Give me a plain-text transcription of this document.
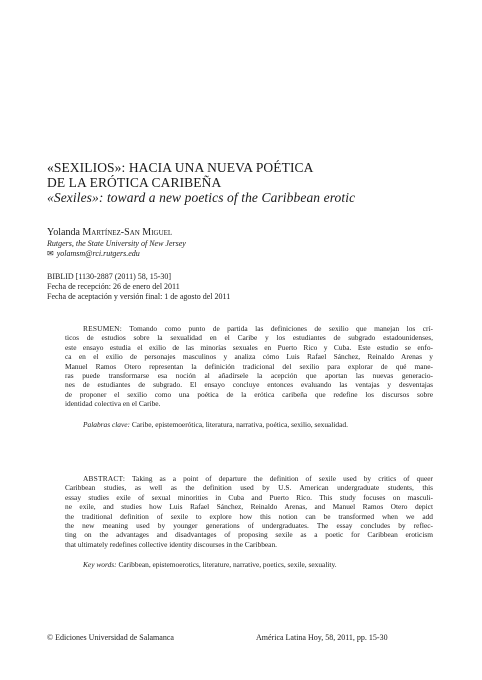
«SEXILIOS»: HACIA UNA NUEVA POÉTICA
DE LA ERÓTICA CARIBEÑA
«Sexiles»: toward a new poetics of the Caribbean erotic
Yolanda Martínez-San Miguel
Rutgers, the State University of New Jersey
✉ yolamsm@rci.rutgers.edu
BIBLID [1130-2887 (2011) 58, 15-30]
Fecha de recepción: 26 de enero del 2011
Fecha de aceptación y versión final: 1 de agosto del 2011
RESUMEN: Tomando como punto de partida las definiciones de sexilio que manejan los crí-
ticos de estudios sobre la sexualidad en el Caribe y los estudiantes de subgrado estadounidenses,
este ensayo estudia el exilio de las minorías sexuales en Puerto Rico y Cuba. Este estudio se enfo-
ca en el exilio de personajes masculinos y analiza cómo Luis Rafael Sánchez, Reinaldo Arenas y
Manuel Ramos Otero representan la definición tradicional del sexilio para explorar de qué mane-
ras puede transformarse esa noción al añadírsele la acepción que aportan las nuevas generacio-
nes de estudiantes de subgrado. El ensayo concluye entonces evaluando las ventajas y desventajas
de proponer el sexilio como una poética de la erótica caribeña que redefine los discursos sobre
identidad colectiva en el Caribe.
Palabras clave: Caribe, epistemoerótica, literatura, narrativa, poética, sexilio, sexualidad.
ABSTRACT: Taking as a point of departure the definition of sexile used by critics of queer
Caribbean studies, as well as the definition used by U.S. American undergraduate students, this
essay studies exile of sexual minorities in Cuba and Puerto Rico. This study focuses on masculi-
ne exile, and studies how Luis Rafael Sánchez, Reinaldo Arenas, and Manuel Ramos Otero depict
the traditional definition of sexile to explore how this notion can be transformed when we add
the new meaning used by younger generations of undergraduates. The essay concludes by reflec-
ting on the advantages and disadvantages of proposing sexile as a poetic for Caribbean eroticism
that ultimately redefines collective identity discourses in the Caribbean.
Key words: Caribbean, epistemoerotics, literature, narrative, poetics, sexile, sexuality.
© Ediciones Universidad de Salamanca	América Latina Hoy, 58, 2011, pp. 15-30
